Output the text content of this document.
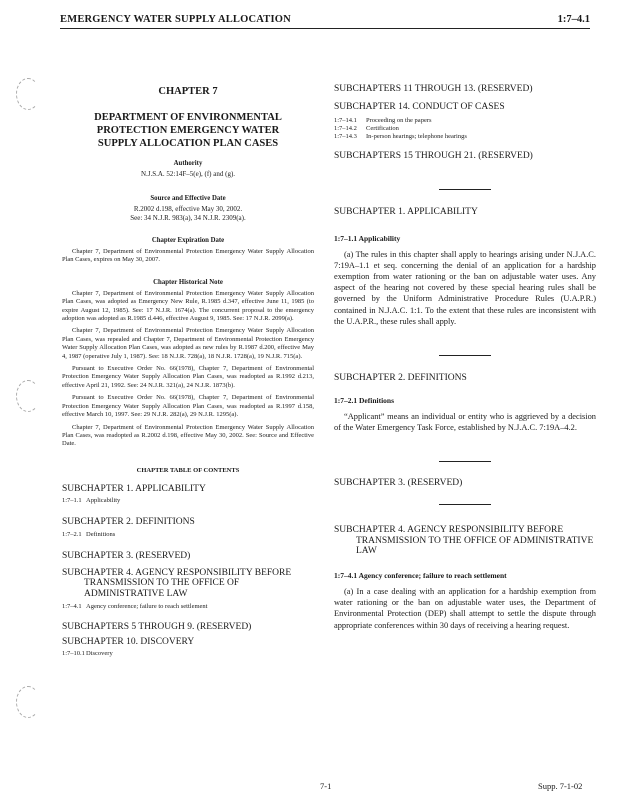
EMERGENCY WATER SUPPLY ALLOCATION	1:7–4.1

CHAPTER 7

DEPARTMENT OF ENVIRONMENTAL PROTECTION EMERGENCY WATER SUPPLY ALLOCATION PLAN CASES

Authority

N.J.S.A. 52:14F–5(e), (f) and (g).

Source and Effective Date

R.2002 d.198, effective May 30, 2002.

See: 34 N.J.R. 983(a), 34 N.J.R. 2309(a).

Chapter Expiration Date

Chapter 7, Department of Environmental Protection Emergency Water Supply Allocation Plan Cases, expires on May 30, 2007.

Chapter Historical Note

Chapter 7, Department of Environmental Protection Emergency Water Supply Allocation Plan Cases, was adopted as Emergency New Rule, R.1985 d.347, effective June 11, 1985 (to expire August 12, 1985). See: 17 N.J.R. 1674(a). The concurrent proposal to the emergency adoption was adopted as R.1985 d.446, effective August 9, 1985. See: 17 N.J.R. 2099(a).

Chapter 7, Department of Environmental Protection Emergency Water Supply Allocation Plan Cases, was repealed and Chapter 7, Department of Environmental Protection Emergency Water Supply Allocation Plan Cases, was adopted as new rules by R.1987 d.200, effective May 4, 1987 (operative July 1, 1987). See: 18 N.J.R. 728(a), 18 N.J.R. 1728(a), 19 N.J.R. 715(a).

Pursuant to Executive Order No. 66(1978), Chapter 7, Department of Environmental Protection Emergency Water Supply Allocation Plan Cases, was readopted as R.1992 d.213, effective April 21, 1992. See: 24 N.J.R. 321(a), 24 N.J.R. 1873(b).

Pursuant to Executive Order No. 66(1978), Chapter 7, Department of Environmental Protection Emergency Water Supply Allocation Plan Cases, was readopted as R.1997 d.158, effective March 10, 1997. See: 29 N.J.R. 282(a), 29 N.J.R. 1295(a).

Chapter 7, Department of Environmental Protection Emergency Water Supply Allocation Plan Cases, was readopted as R.2002 d.198, effective May 30, 2002. See: Source and Effective Date.

CHAPTER TABLE OF CONTENTS

SUBCHAPTER 1. APPLICABILITY

1:7–1.1 Applicability

SUBCHAPTER 2. DEFINITIONS

1:7–2.1 Definitions

SUBCHAPTER 3. (RESERVED)

SUBCHAPTER 4. AGENCY RESPONSIBILITY BEFORE TRANSMISSION TO THE OFFICE OF ADMINISTRATIVE LAW

1:7–4.1 Agency conference; failure to reach settlement

SUBCHAPTERS 5 THROUGH 9. (RESERVED)

SUBCHAPTER 10. DISCOVERY

1:7–10.1 Discovery

SUBCHAPTERS 11 THROUGH 13. (RESERVED)

SUBCHAPTER 14. CONDUCT OF CASES

1:7–14.1	Proceeding on the papers
1:7–14.2	Certification
1:7–14.3	In-person hearings; telephone hearings

SUBCHAPTERS 15 THROUGH 21. (RESERVED)

SUBCHAPTER 1. APPLICABILITY

1:7–1.1 Applicability

(a) The rules in this chapter shall apply to hearings arising under N.J.A.C. 7:19A–1.1 et seq. concerning the denial of an application for a hardship exemption from water rationing or the ban on adjustable water uses. Any aspect of the hearing not covered by these special hearing rules shall be governed by the Uniform Administrative Procedure Rules (U.A.P.R.) contained in N.J.A.C. 1:1. To the extent that these rules are inconsistent with the U.A.P.R., these rules shall apply.

SUBCHAPTER 2. DEFINITIONS

1:7–2.1 Definitions

“Applicant” means an individual or entity who is aggrieved by a decision of the Water Emergency Task Force, established by N.J.A.C. 7:19A–4.2.

SUBCHAPTER 3. (RESERVED)

SUBCHAPTER 4. AGENCY RESPONSIBILITY BEFORE TRANSMISSION TO THE OFFICE OF ADMINISTRATIVE LAW

1:7–4.1 Agency conference; failure to reach settlement

(a) In a case dealing with an application for a hardship exemption from water rationing or the ban on adjustable water uses, the Department of Environmental Protection (DEP) shall attempt to settle the dispute through appropriate conferences within 30 days of receiving a hearing request.

7-1	Supp. 7-1-02
